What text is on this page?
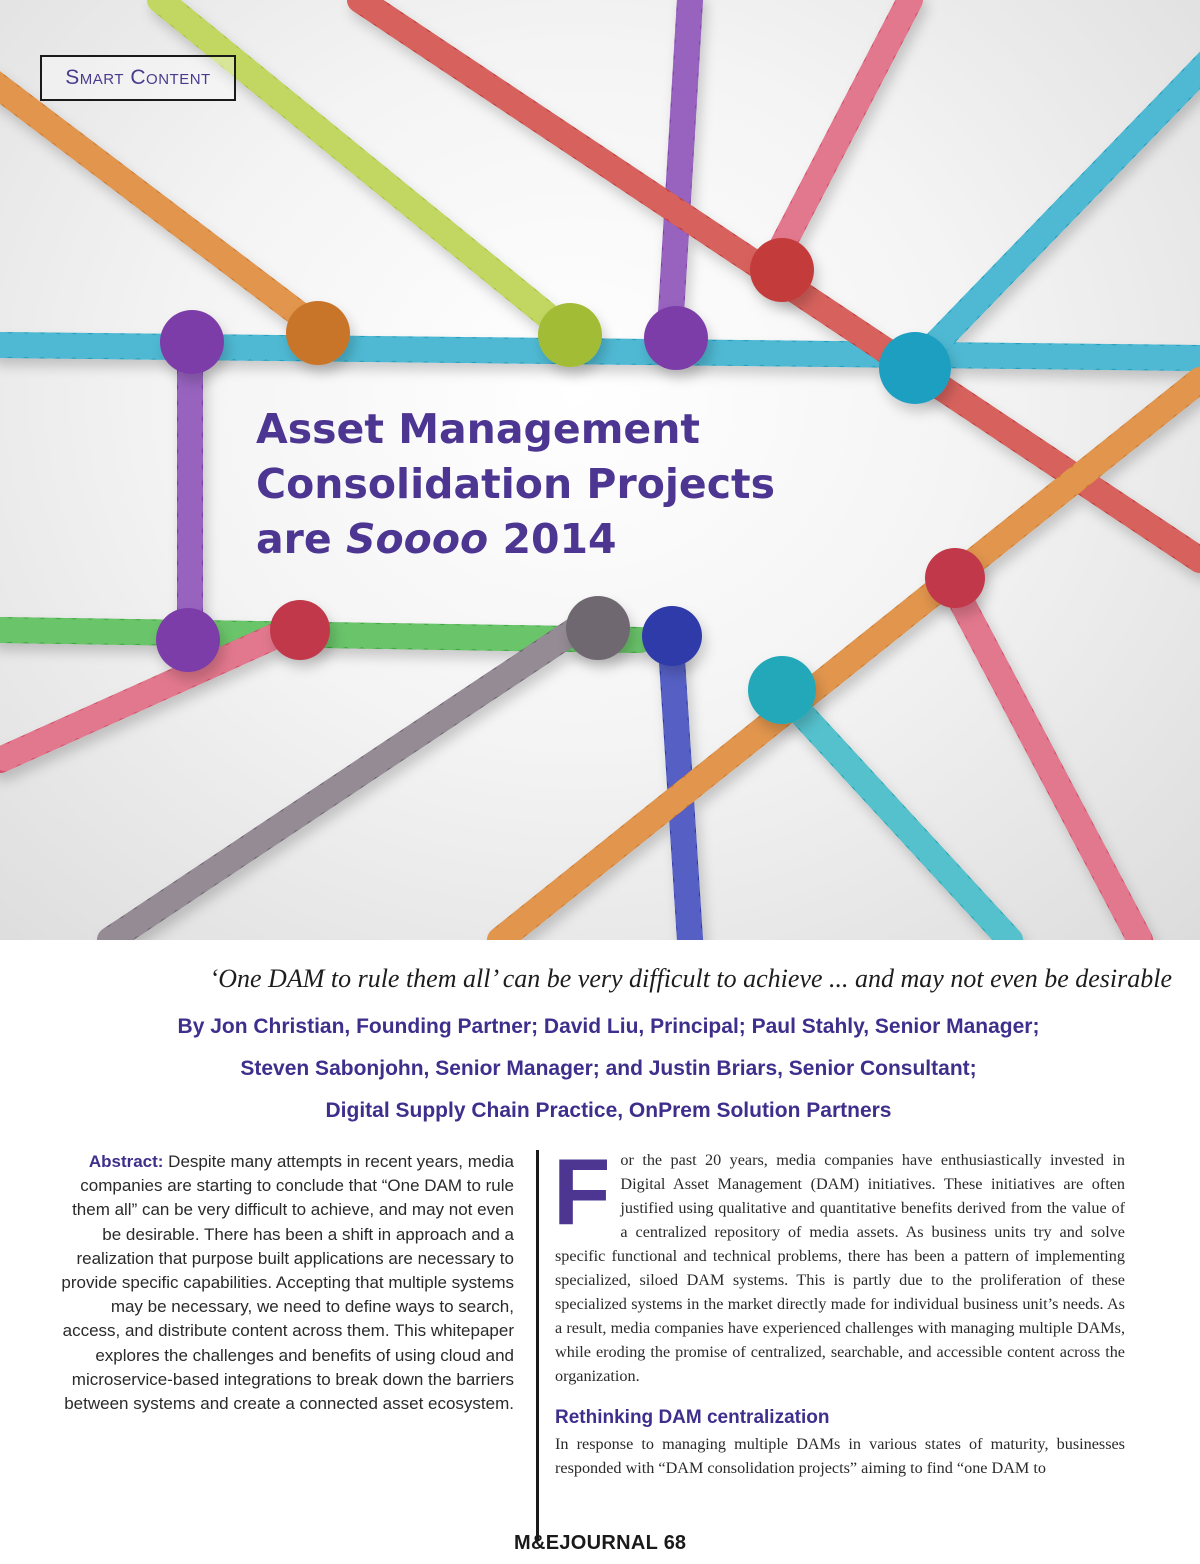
Smart Content
Asset Management
Consolidation Projects
are Soooo 2014
‘One DAM to rule them all’ can be very difficult to achieve ... and may not even be desirable
By Jon Christian, Founding Partner; David Liu, Principal; Paul Stahly, Senior Manager;
Steven Sabonjohn, Senior Manager; and Justin Briars, Senior Consultant;
Digital Supply Chain Practice, OnPrem Solution Partners
Abstract: Despite many attempts in recent years, media companies are starting to conclude that “One DAM to rule them all” can be very difficult to achieve, and may not even be desirable. There has been a shift in approach and a realization that purpose built applications are necessary to provide specific capabilities. Accepting that multiple systems may be necessary, we need to define ways to search, access, and distribute content across them. This whitepaper explores the challenges and benefits of using cloud and microservice-based integrations to break down the barriers between systems and create a connected asset ecosystem.

For the past 20 years, media companies have enthusiastically invested in Digital Asset Management (DAM) initiatives. These initiatives are often justified using qualitative and quantitative benefits derived from the value of a centralized repository of media assets. As business units try and solve specific functional and technical problems, there has been a pattern of implementing specialized, siloed DAM systems. This is partly due to the proliferation of these specialized systems in the market directly made for individual business unit’s needs. As a result, media companies have experienced challenges with managing multiple DAMs, while eroding the promise of centralized, searchable, and accessible content across the organization.

Rethinking DAM centralization

In response to managing multiple DAMs in various states of maturity, businesses responded with “DAM consolidation projects” aiming to find “one DAM to

M&EJOURNAL 68
